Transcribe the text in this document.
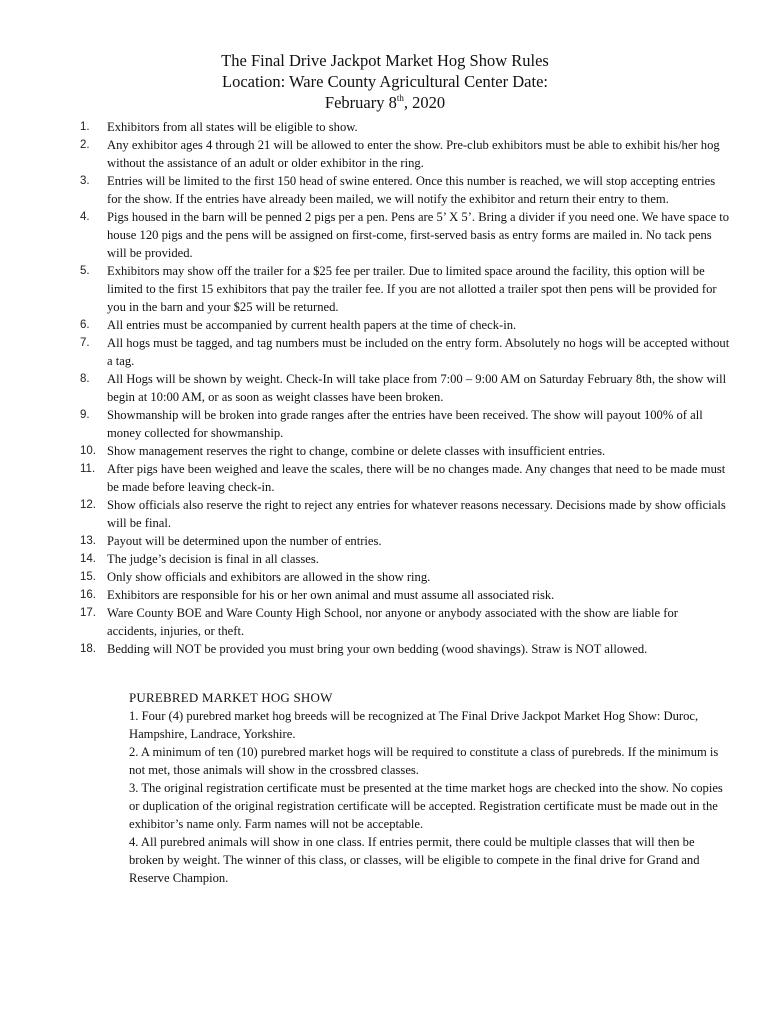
The Final Drive Jackpot Market Hog Show Rules
Location: Ware County Agricultural Center Date:
February 8th, 2020
1. Exhibitors from all states will be eligible to show.
2. Any exhibitor ages 4 through 21 will be allowed to enter the show. Pre-club exhibitors must be able to exhibit his/her hog without the assistance of an adult or older exhibitor in the ring.
3. Entries will be limited to the first 150 head of swine entered. Once this number is reached, we will stop accepting entries for the show. If the entries have already been mailed, we will notify the exhibitor and return their entry to them.
4. Pigs housed in the barn will be penned 2 pigs per a pen. Pens are 5’ X 5’. Bring a divider if you need one. We have space to house 120 pigs and the pens will be assigned on first-come, first-served basis as entry forms are mailed in. No tack pens will be provided.
5. Exhibitors may show off the trailer for a $25 fee per trailer. Due to limited space around the facility, this option will be limited to the first 15 exhibitors that pay the trailer fee. If you are not allotted a trailer spot then pens will be provided for you in the barn and your $25 will be returned.
6. All entries must be accompanied by current health papers at the time of check-in.
7. All hogs must be tagged, and tag numbers must be included on the entry form. Absolutely no hogs will be accepted without a tag.
8. All Hogs will be shown by weight. Check-In will take place from 7:00 – 9:00 AM on Saturday February 8th, the show will begin at 10:00 AM, or as soon as weight classes have been broken.
9. Showmanship will be broken into grade ranges after the entries have been received. The show will payout 100% of all money collected for showmanship.
10. Show management reserves the right to change, combine or delete classes with insufficient entries.
11. After pigs have been weighed and leave the scales, there will be no changes made. Any changes that need to be made must be made before leaving check-in.
12. Show officials also reserve the right to reject any entries for whatever reasons necessary. Decisions made by show officials will be final.
13. Payout will be determined upon the number of entries.
14. The judge’s decision is final in all classes.
15. Only show officials and exhibitors are allowed in the show ring.
16. Exhibitors are responsible for his or her own animal and must assume all associated risk.
17. Ware County BOE and Ware County High School, nor anyone or anybody associated with the show are liable for accidents, injuries, or theft.
18. Bedding will NOT be provided you must bring your own bedding (wood shavings). Straw is NOT allowed.
PUREBRED MARKET HOG SHOW

1. Four (4) purebred market hog breeds will be recognized at The Final Drive Jackpot Market Hog Show: Duroc, Hampshire, Landrace, Yorkshire.

2. A minimum of ten (10) purebred market hogs will be required to constitute a class of purebreds. If the minimum is not met, those animals will show in the crossbred classes.

3. The original registration certificate must be presented at the time market hogs are checked into the show. No copies or duplication of the original registration certificate will be accepted. Registration certificate must be made out in the exhibitor’s name only. Farm names will not be acceptable.

4. All purebred animals will show in one class. If entries permit, there could be multiple classes that will then be broken by weight. The winner of this class, or classes, will be eligible to compete in the final drive for Grand and Reserve Champion.
